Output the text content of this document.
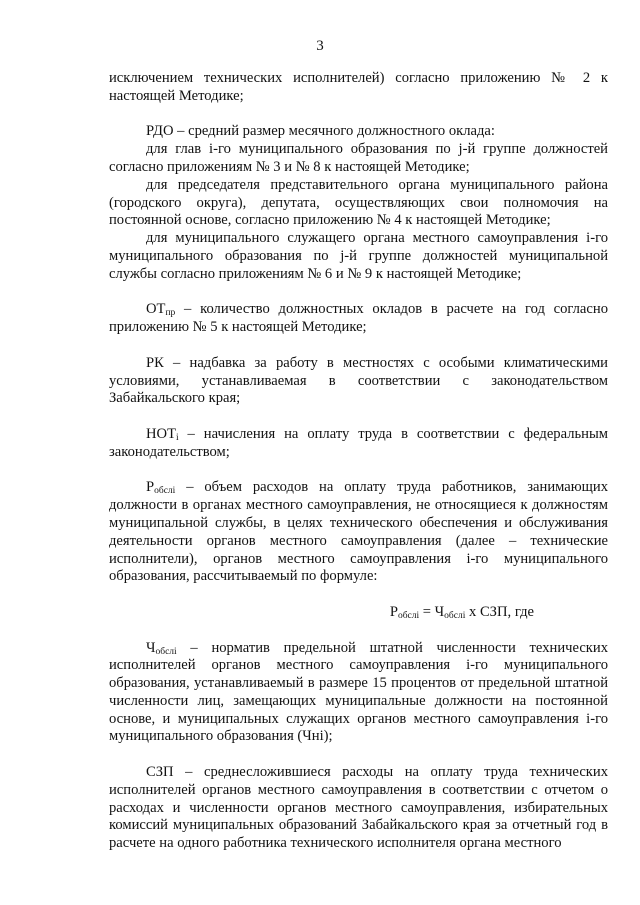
3

исключением технических исполнителей) согласно приложению № 2 к настоящей Методике;

РДО – средний размер месячного должностного оклада:

для глав i-го муниципального образования по j-й группе должностей согласно приложениям № 3 и № 8 к настоящей Методике;

для председателя представительного органа муниципального района (городского округа), депутата, осуществляющих свои полномочия на постоянной основе, согласно приложению № 4 к настоящей Методике;

для муниципального служащего органа местного самоуправления i-го муниципального образования по j-й группе должностей муниципальной службы согласно приложениям № 6 и № 9 к настоящей Методике;

$ОТ_{пр}$ – количество должностных окладов в расчете на год согласно приложению № 5 к настоящей Методике;

РК – надбавка за работу в местностях с особыми климатическими условиями, устанавливаемая в соответствии с законодательством Забайкальского края;

$НОТ_i$ – начисления на оплату труда в соответствии с федеральным законодательством;

$Р_{обслi}$ – объем расходов на оплату труда работников, занимающих должности в органах местного самоуправления, не относящиеся к должностям муниципальной службы, в целях технического обеспечения и обслуживания деятельности органов местного самоуправления (далее – технические исполнители), органов местного самоуправления i-го муниципального образования, рассчитываемый по формуле:

$Р_{обслi} = Ч_{обслi}$ х СЗП, где

$Ч_{обслi}$ – норматив предельной штатной численности технических исполнителей органов местного самоуправления i-го муниципального образования, устанавливаемый в размере 15 процентов от предельной штатной численности лиц, замещающих муниципальные должности на постоянной основе, и муниципальных служащих органов местного самоуправления i-го муниципального образования (Чнi);

СЗП – среднесложившиеся расходы на оплату труда технических исполнителей органов местного самоуправления в соответствии с отчетом о расходах и численности органов местного самоуправления, избирательных комиссий муниципальных образований Забайкальского края за отчетный год в расчете на одного работника технического исполнителя органа местного
